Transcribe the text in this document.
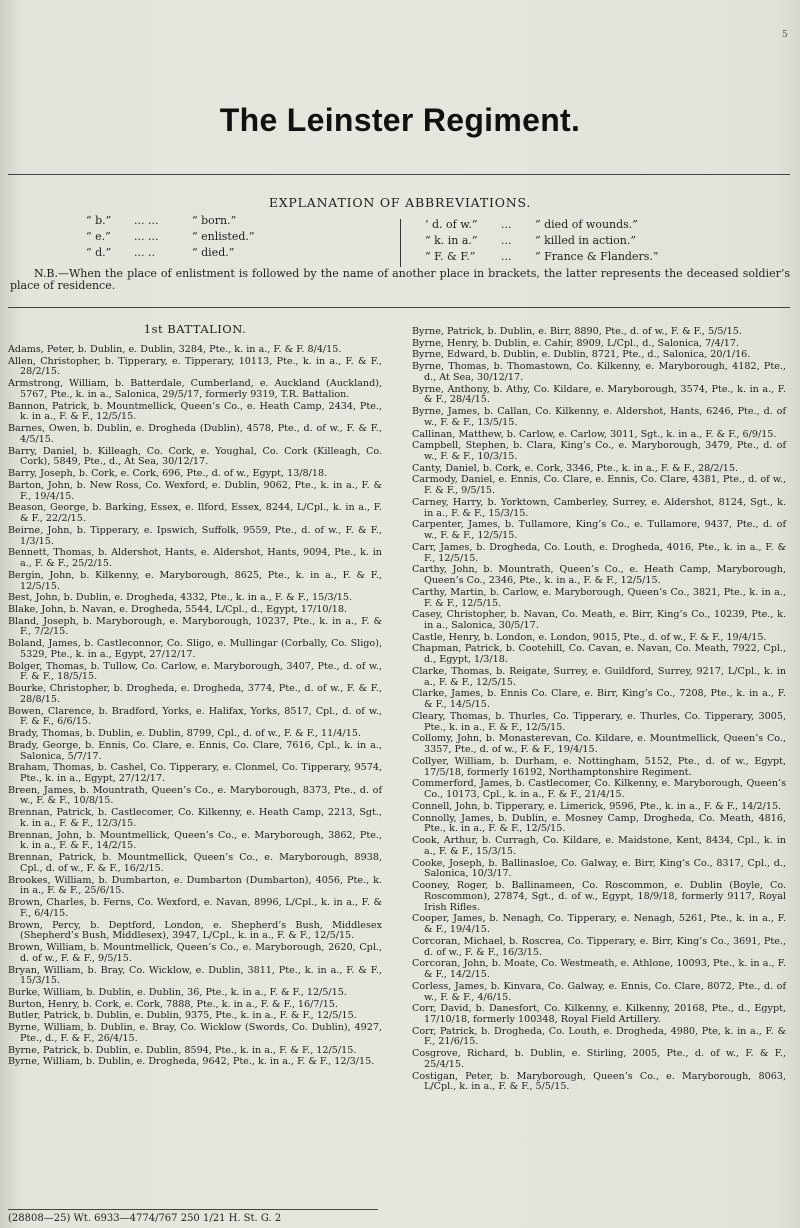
5
The Leinster Regiment.
EXPLANATION OF ABBREVIATIONS.
“ b.” ... ...	“ born.”
“ e.” ... ...	“ enlisted.”
“ d.” ... ..	“ died.”
‘ d. of w.” ... “ died of wounds.”
“ k. in a.” ... “ killed in action.”
“ F. & F.” ... “ France & Flanders.”
N.B.—When the place of enlistment is followed by the name of another place in brackets, the latter represents the deceased soldier’s place of residence.
1st BATTALION.
Adams, Peter, b. Dublin, e. Dublin, 3284, Pte., k. in a., F. & F. 8/4/15.
Allen, Christopher, b. Tipperary, e. Tipperary, 10113, Pte., k. in a., F. & F., 28/2/15.
Armstrong, William, b. Batterdale, Cumberland, e. Auckland (Auckland), 5767, Pte., k. in a., Salonica, 29/5/17, formerly 9319, T.R. Battalion.
Bannon, Patrick, b. Mountmellick, Queen’s Co., e. Heath Camp, 2434, Pte., k. in a., F. & F., 12/5/15.
Barnes, Owen, b. Dublin, e. Drogheda (Dublin), 4578, Pte., d. of w., F. & F., 4/5/15.
Barry, Daniel, b. Killeagh, Co. Cork, e. Youghal, Co. Cork (Killeagh, Co. Cork), 5849, Pte., d., At Sea, 30/12/17.
Barry, Joseph, b. Cork, e. Cork, 696, Pte., d. of w., Egypt, 13/8/18.
Barton, John, b. New Ross, Co. Wexford, e. Dublin, 9062, Pte., k. in a., F. & F., 19/4/15.
Beason, George, b. Barking, Essex, e. Ilford, Essex, 8244, L/Cpl., k. in a., F. & F., 22/2/15.
Beirne, John, b. Tipperary, e. Ipswich, Suffolk, 9559, Pte., d. of w., F. & F., 1/3/15.
Bennett, Thomas, b. Aldershot, Hants, e. Aldershot, Hants, 9094, Pte., k. in a., F. & F., 25/2/15.
Bergin, John, b. Kilkenny, e. Maryborough, 8625, Pte., k. in a., F. & F., 12/5/15.
Best, John, b. Dublin, e. Drogheda, 4332, Pte., k. in a., F. & F., 15/3/15.
Blake, John, b. Navan, e. Drogheda, 5544, L/Cpl., d., Egypt, 17/10/18.
Bland, Joseph, b. Maryborough, e. Maryborough, 10237, Pte., k. in a., F. & F., 7/2/15.
Boland, James, b. Castleconnor, Co. Sligo, e. Mullingar (Corbally, Co. Sligo), 5329, Pte., k. in a., Egypt, 27/12/17.
Bolger, Thomas, b. Tullow, Co. Carlow, e. Maryborough, 3407, Pte., d. of w., F. & F., 18/5/15.
Bourke, Christopher, b. Drogheda, e. Drogheda, 3774, Pte., d. of w., F. & F., 28/8/15.
Bowen, Clarence, b. Bradford, Yorks, e. Halifax, Yorks, 8517, Cpl., d. of w., F. & F., 6/6/15.
Brady, Thomas, b. Dublin, e. Dublin, 8799, Cpl., d. of w., F. & F., 11/4/15.
Brady, George, b. Ennis, Co. Clare, e. Ennis, Co. Clare, 7616, Cpl., k. in a., Salonica, 5/7/17.
Braham, Thomas, b. Cashel, Co. Tipperary, e. Clonmel, Co. Tipperary, 9574, Pte., k. in a., Egypt, 27/12/17.
Breen, James, b. Mountrath, Queen’s Co., e. Maryborough, 8373, Pte., d. of w., F. & F., 10/8/15.
Brennan, Patrick, b. Castlecomer, Co. Kilkenny, e. Heath Camp, 2213, Sgt., k. in a., F. & F., 12/3/15.
Brennan, John, b. Mountmellick, Queen’s Co., e. Maryborough, 3862, Pte., k. in a., F. & F., 14/2/15.
Brennan, Patrick, b. Mountmellick, Queen’s Co., e. Maryborough, 8938, Cpl., d. of w., F. & F., 16/2/15.
Brookes, William, b. Dumbarton, e. Dumbarton (Dumbarton), 4056, Pte., k. in a., F. & F., 25/6/15.
Brown, Charles, b. Ferns, Co. Wexford, e. Navan, 8996, L/Cpl., k. in a., F. & F., 6/4/15.
Brown, Percy, b. Deptford, London, e. Shepherd’s Bush, Middlesex (Shepherd’s Bush, Middlesex), 3947, L/Cpl., k. in a., F. & F., 12/5/15.
Brown, William, b. Mountmellick, Queen’s Co., e. Maryborough, 2620, Cpl., d. of w., F. & F., 9/5/15.
Bryan, William, b. Bray, Co. Wicklow, e. Dublin, 3811, Pte., k. in a., F. & F., 15/3/15.
Burke, William, b. Dublin, e. Dublin, 36, Pte., k. in a., F. & F., 12/5/15.
Burton, Henry, b. Cork, e. Cork, 7888, Pte., k. in a., F. & F., 16/7/15.
Butler, Patrick, b. Dublin, e. Dublin, 9375, Pte., k. in a., F. & F., 12/5/15.
Byrne, William, b. Dublin, e. Bray, Co. Wicklow (Swords, Co. Dublin), 4927, Pte., d., F. & F., 26/4/15.
Byrne, Patrick, b. Dublin, e. Dublin, 8594, Pte., k. in a., F. & F., 12/5/15.
Byrne, William, b. Dublin, e. Drogheda, 9642, Pte., k. in a., F. & F., 12/3/15.
Byrne, Patrick, b. Dublin, e. Birr, 8890, Pte., d. of w., F. & F., 5/5/15.
Byrne, Henry, b. Dublin, e. Cahir, 8909, L/Cpl., d., Salonica, 7/4/17.
Byrne, Edward, b. Dublin, e. Dublin, 8721, Pte., d., Salonica, 20/1/16.
Byrne, Thomas, b. Thomastown, Co. Kilkenny, e. Maryborough, 4182, Pte., d., At Sea, 30/12/17.
Byrne, Anthony, b. Athy, Co. Kildare, e. Maryborough, 3574, Pte., k. in a., F. & F., 28/4/15.
Byrne, James, b. Callan, Co. Kilkenny, e. Aldershot, Hants, 6246, Pte., d. of w., F. & F., 13/5/15.
Callinan, Matthew, b. Carlow, e. Carlow, 3011, Sgt., k. in a., F. & F., 6/9/15.
Campbell, Stephen, b. Clara, King’s Co., e. Maryborough, 3479, Pte., d. of w., F. & F., 10/3/15.
Canty, Daniel, b. Cork, e. Cork, 3346, Pte., k. in a., F. & F., 28/2/15.
Carmody, Daniel, e. Ennis, Co. Clare, e. Ennis, Co. Clare, 4381, Pte., d. of w., F. & F., 9/5/15.
Carney, Harry, b. Yorktown, Camberley, Surrey, e. Aldershot, 8124, Sgt., k. in a., F. & F., 15/3/15.
Carpenter, James, b. Tullamore, King’s Co., e. Tullamore, 9437, Pte., d. of w., F. & F., 12/5/15.
Carr, James, b. Drogheda, Co. Louth, e. Drogheda, 4016, Pte., k. in a., F. & F., 12/5/15.
Carthy, John, b. Mountrath, Queen’s Co., e. Heath Camp, Maryborough, Queen’s Co., 2346, Pte., k. in a., F. & F., 12/5/15.
Carthy, Martin, b. Carlow, e. Maryborough, Queen’s Co., 3821, Pte., k. in a., F. & F., 12/5/15.
Casey, Christopher, b. Navan, Co. Meath, e. Birr, King’s Co., 10239, Pte., k. in a., Salonica, 30/5/17.
Castle, Henry, b. London, e. London, 9015, Pte., d. of w., F. & F., 19/4/15.
Chapman, Patrick, b. Cootehill, Co. Cavan, e. Navan, Co. Meath, 7922, Cpl., d., Egypt, 1/3/18.
Clarke, Thomas, b. Reigate, Surrey, e. Guildford, Surrey, 9217, L/Cpl., k. in a., F. & F., 12/5/15.
Clarke, James, b. Ennis Co. Clare, e. Birr, King’s Co., 7208, Pte., k. in a., F. & F., 14/5/15.
Cleary, Thomas, b. Thurles, Co. Tipperary, e. Thurles, Co. Tipperary, 3005, Pte., k. in a., F. & F., 12/5/15.
Collomy, John, b. Monasterevan, Co. Kildare, e. Mountmellick, Queen’s Co., 3357, Pte., d. of w., F. & F., 19/4/15.
Collyer, William, b. Durham, e. Nottingham, 5152, Pte., d. of w., Egypt, 17/5/18, formerly 16192, Northamptonshire Regiment.
Commerford, James, b. Castlecomer, Co. Kilkenny, e. Maryborough, Queen’s Co., 10173, Cpl., k. in a., F. & F., 21/4/15.
Connell, John, b. Tipperary, e. Limerick, 9596, Pte., k. in a., F. & F., 14/2/15.
Connolly, James, b. Dublin, e. Mosney Camp, Drogheda, Co. Meath, 4816, Pte., k. in a., F. & F., 12/5/15.
Cook, Arthur, b. Curragh, Co. Kildare, e. Maidstone, Kent, 8434, Cpl., k. in a., F. & F., 15/3/15.
Cooke, Joseph, b. Ballinasloe, Co. Galway, e. Birr, King’s Co., 8317, Cpl., d., Salonica, 10/3/17.
Cooney, Roger, b. Ballinameen, Co. Roscommon, e. Dublin (Boyle, Co. Roscommon), 27874, Sgt., d. of w., Egypt, 18/9/18, formerly 9117, Royal Irish Rifles.
Cooper, James, b. Nenagh, Co. Tipperary, e. Nenagh, 5261, Pte., k. in a., F. & F., 19/4/15.
Corcoran, Michael, b. Roscrea, Co. Tipperary, e. Birr, King’s Co., 3691, Pte., d. of w., F. & F., 16/3/15.
Corcoran, John, b. Moate, Co. Westmeath, e. Athlone, 10093, Pte., k. in a., F. & F., 14/2/15.
Corless, James, b. Kinvara, Co. Galway, e. Ennis, Co. Clare, 8072, Pte., d. of w., F. & F., 4/6/15.
Corr, David, b. Danesfort, Co. Kilkenny, e. Kilkenny, 20168, Pte., d., Egypt, 17/10/18, formerly 100348, Royal Field Artillery.
Corr, Patrick, b. Drogheda, Co. Louth, e. Drogheda, 4980, Pte, k. in a., F. & F., 21/6/15.
Cosgrove, Richard, b. Dublin, e. Stirling, 2005, Pte., d. of w., F. & F., 25/4/15.
Costigan, Peter, b. Maryborough, Queen’s Co., e. Maryborough, 8063, L/Cpl., k. in a., F. & F., 5/5/15.
(28808—25) Wt. 6933—4774/767 250 1/21 H. St. G. 2
